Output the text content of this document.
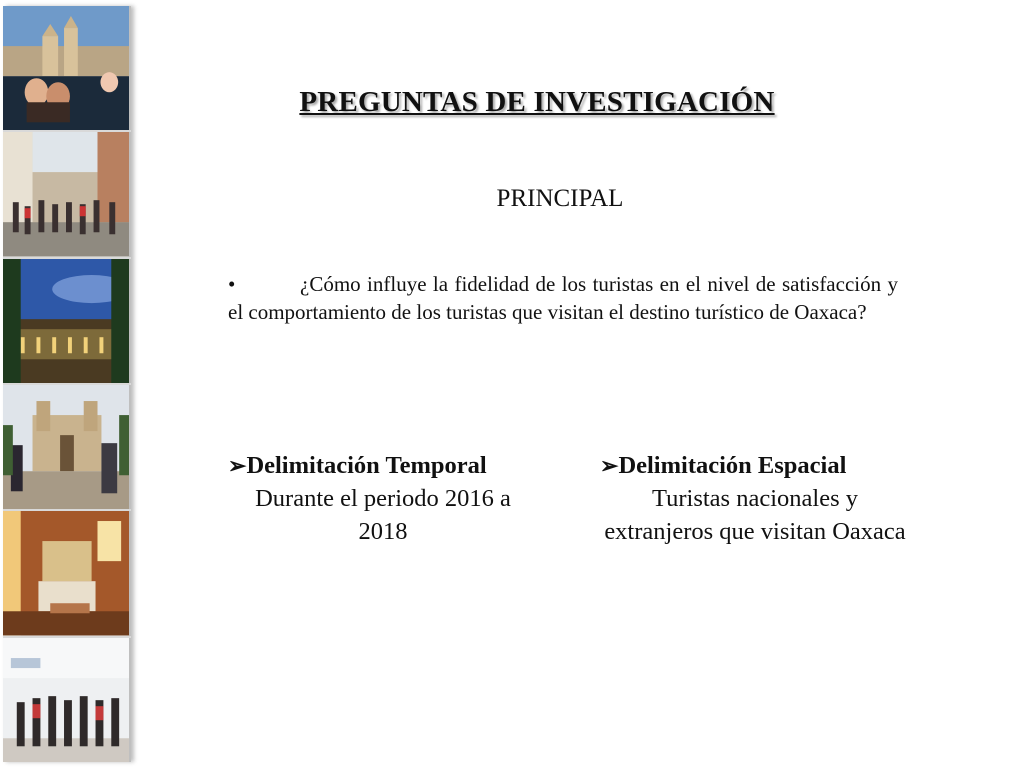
PREGUNTAS DE INVESTIGACIÓN
PRINCIPAL
•	¿Cómo influye la fidelidad de los turistas en el nivel de satisfacción y el comportamiento de los turistas que visitan el destino turístico de Oaxaca?
➢Delimitación Temporal
Durante el periodo 2016 a 2018
➢Delimitación Espacial
Turistas nacionales y extranjeros que visitan Oaxaca
